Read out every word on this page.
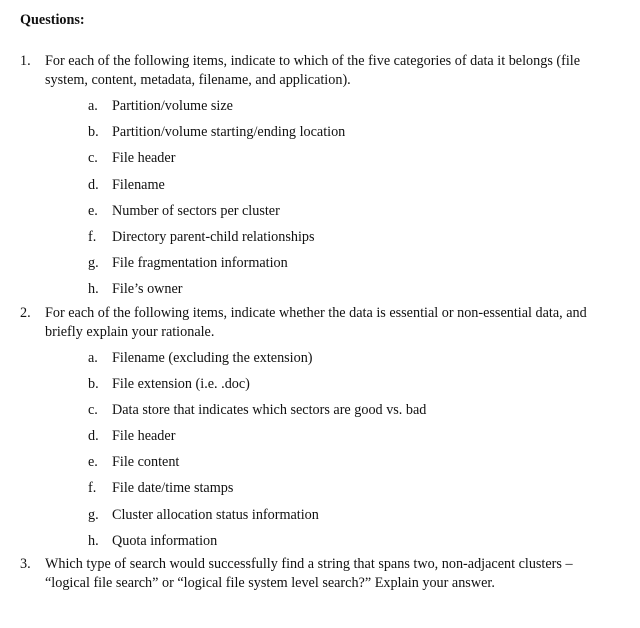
Questions:
1. For each of the following items, indicate to which of the five categories of data it belongs (file system, content, metadata, filename, and application).
a. Partition/volume size
b. Partition/volume starting/ending location
c. File header
d. Filename
e. Number of sectors per cluster
f. Directory parent-child relationships
g. File fragmentation information
h. File’s owner
2. For each of the following items, indicate whether the data is essential or non-essential data, and briefly explain your rationale.
a. Filename (excluding the extension)
b. File extension (i.e. .doc)
c. Data store that indicates which sectors are good vs. bad
d. File header
e. File content
f. File date/time stamps
g. Cluster allocation status information
h. Quota information
3. Which type of search would successfully find a string that spans two, non-adjacent clusters – “logical file search” or “logical file system level search?” Explain your answer.
